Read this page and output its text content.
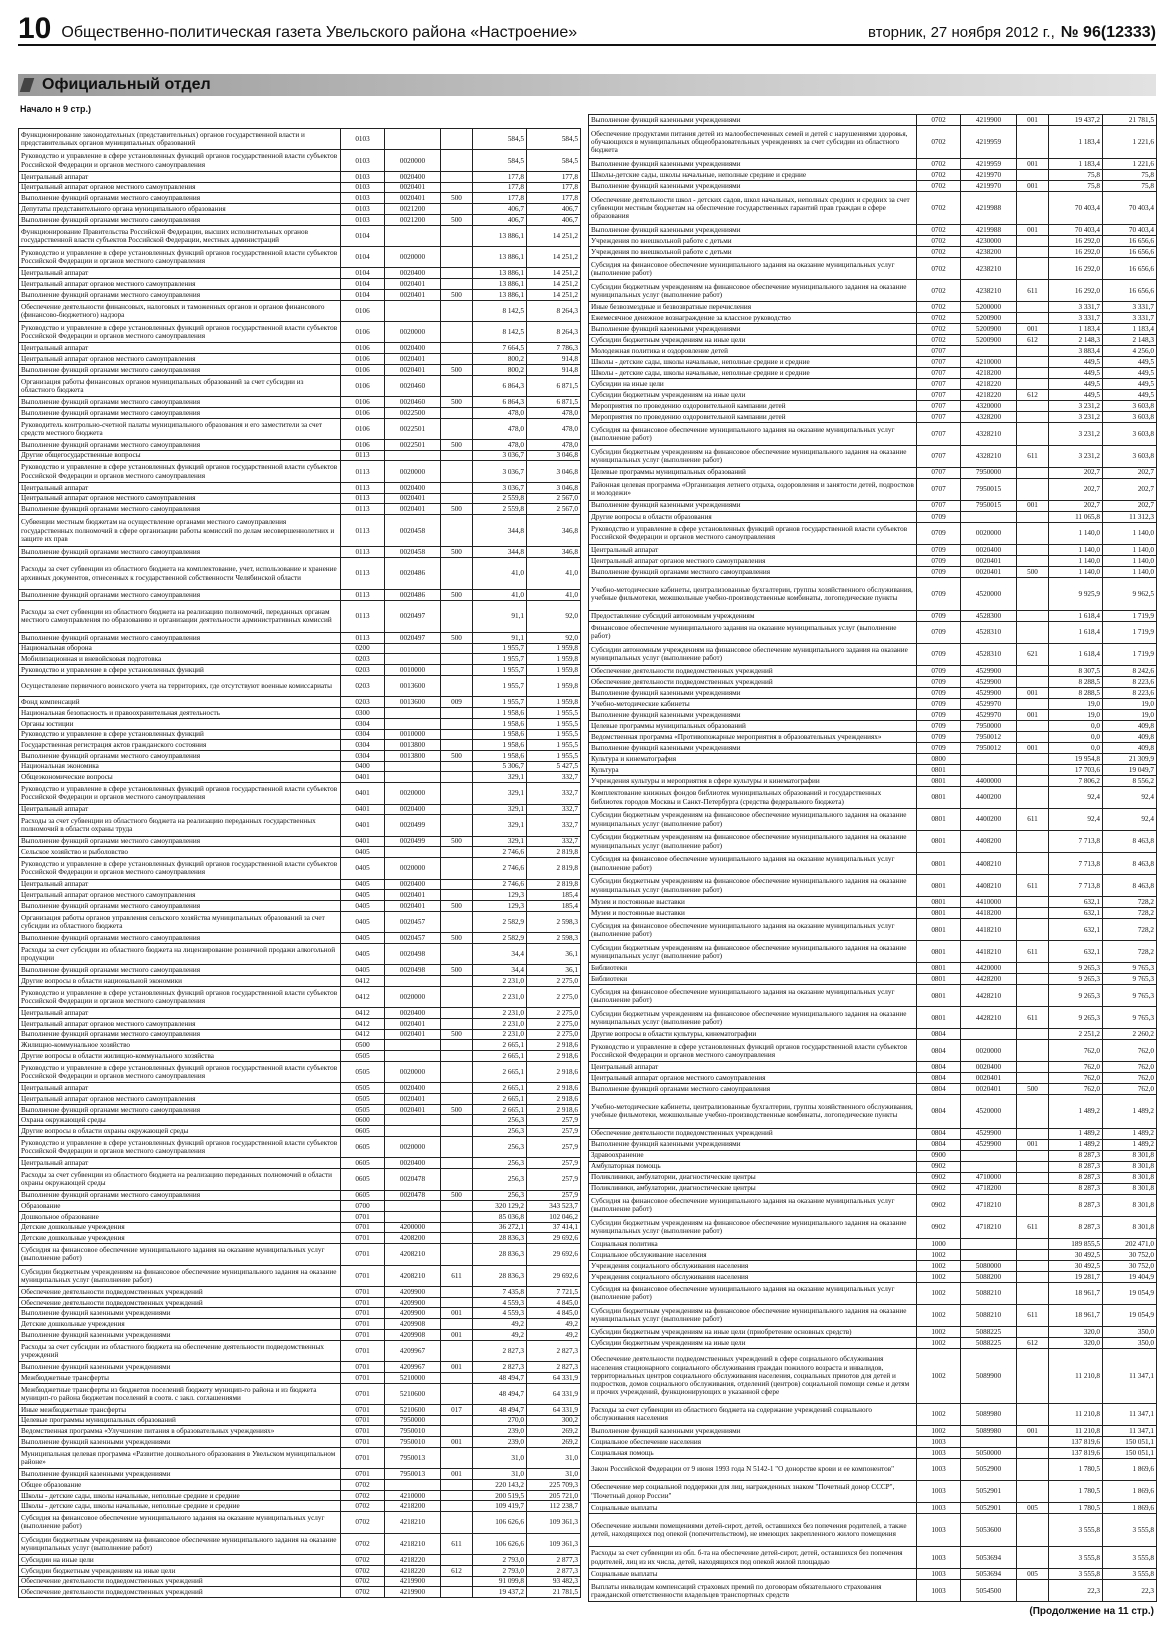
10 Общественно-политическая газета Увельского района «Настроение»	вторник, 27 ноября 2012 г., № 96(12333)
Официальный отдел
Начало н 9 стр.)
Функционирование законодательных (представительных) органов государственной власти и представительных органов муниципальных образований	0103			584,5	584,5
Руководство и управление в сфере установленных функций органов государственной власти субъектов Российской Федерации и органов местного самоуправления	0103	0020000		584,5	584,5
Центральный аппарат	0103	0020400		177,8	177,8
Центральный аппарат органов местного самоуправления	0103	0020401		177,8	177,8
Выполнение функций органами местного самоуправления	0103	0020401	500	177,8	177,8
Депутаты представительного органа муниципального образования	0103	0021200		406,7	406,7
Выполнение функций органами местного самоуправления	0103	0021200	500	406,7	406,7
Функционирование Правительства Российской Федерации, высших исполнительных органов государственной власти субъектов Российской Федерации, местных администраций	0104			13 886,1	14 251,2
Руководство и управление в сфере установленных функций органов государственной власти субъектов Российской Федерации и органов местного самоуправления	0104	0020000		13 886,1	14 251,2
Центральный аппарат	0104	0020400		13 886,1	14 251,2
Центральный аппарат органов местного самоуправления	0104	0020401		13 886,1	14 251,2
Выполнение функций органами местного самоуправления	0104	0020401	500	13 886,1	14 251,2
Обеспечение деятельности финансовых, налоговых и таможенных органов и органов финансового (финансово-бюджетного) надзора	0106			8 142,5	8 264,3
Руководство и управление в сфере установленных функций органов государственной власти субъектов Российской Федерации и органов местного самоуправления	0106	0020000		8 142,5	8 264,3
Центральный аппарат	0106	0020400		7 664,5	7 786,3
Центральный аппарат органов местного самоуправления	0106	0020401		800,2	914,8
Выполнение функций органами местного самоуправления	0106	0020401	500	800,2	914,8
Организация работы финансовых органов муниципальных образований за счет субсидии из областного бюджета	0106	0020460		6 864,3	6 871,5
Выполнение функций органами местного самоуправления	0106	0020460	500	6 864,3	6 871,5
Выполнение функций органами местного самоуправления	0106	0022500		478,0	478,0
Руководитель контрольно-счетной палаты муниципального образования и его заместители за счет средств местного бюджета	0106	0022501		478,0	478,0
Выполнение функций органами местного самоуправления	0106	0022501	500	478,0	478,0
Другие общегосударственные вопросы	0113			3 036,7	3 046,8
Руководство и управление в сфере установленных функций органов государственной власти субъектов Российской Федерации и органов местного самоуправления	0113	0020000		3 036,7	3 046,8
Центральный аппарат	0113	0020400		3 036,7	3 046,8
Центральный аппарат органов местного самоуправления	0113	0020401		2 559,8	2 567,0
Выполнение функций органами местного самоуправления	0113	0020401	500	2 559,8	2 567,0
Субвенции местным бюджетам на осуществление органами местного самоуправления государственных полномочий в сфере организации работы комиссий по делам несовершеннолетних и защите их прав	0113	0020458		344,8	346,8
Выполнение функций органами местного самоуправления	0113	0020458	500	344,8	346,8
Расходы за счет субвенции из областного бюджета на комплектование, учет, использование и хранение архивных документов, отнесенных к государственной собственности Челябинской области	0113	0020486		41,0	41,0
Выполнение функций органами местного самоуправления	0113	0020486	500	41,0	41,0
Расходы за счет субвенции из областного бюджета на реализацию полномочий, переданных органам местного самоуправления по образованию и организации деятельности административных комиссий	0113	0020497		91,1	92,0
Выполнение функций органами местного самоуправления	0113	0020497	500	91,1	92,0
Национальная оборона	0200			1 955,7	1 959,8
Мобилизационная и вневойсковая подготовка	0203			1 955,7	1 959,8
Руководство и управление в сфере установленных функций	0203	0010000		1 955,7	1 959,8
Осуществление первичного воинского учета на территориях, где отсутствуют военные комиссариаты	0203	0013600		1 955,7	1 959,8
Фонд компенсаций	0203	0013600	009	1 955,7	1 959,8
Национальная безопасность и правоохранительная деятельность	0300			1 958,6	1 955,5
Органы юстиции	0304			1 958,6	1 955,5
Руководство и управление в сфере установленных функций	0304	0010000		1 958,6	1 955,5
Государственная регистрация актов гражданского состояния	0304	0013800		1 958,6	1 955,5
Выполнение функций органами местного самоуправления	0304	0013800	500	1 958,6	1 955,5
Национальная экономика	0400			5 306,7	5 427,5
Общеэкономические вопросы	0401			329,1	332,7
Руководство и управление в сфере установленных функций органов государственной власти субъектов Российской Федерации и органов местного самоуправления	0401	0020000		329,1	332,7
Центральный аппарат	0401	0020400		329,1	332,7
Расходы за счет субвенции из областного бюджета на реализацию переданных государственных полномочий в области охраны труда	0401	0020499		329,1	332,7
Выполнение функций органами местного самоуправления	0401	0020499	500	329,1	332,7
Сельское хозяйство и рыболовство	0405			2 746,6	2 819,8
Руководство и управление в сфере установленных функций органов государственной власти субъектов Российской Федерации и органов местного самоуправления	0405	0020000		2 746,6	2 819,8
Центральный аппарат	0405	0020400		2 746,6	2 819,8
Центральный аппарат органов местного самоуправления	0405	0020401		129,3	185,4
Выполнение функций органами местного самоуправления	0405	0020401	500	129,3	185,4
Организация работы органов управления сельского хозяйства муниципальных образований за счет субсидии из областного бюджета	0405	0020457		2 582,9	2 598,3
Выполнение функций органами местного самоуправления	0405	0020457	500	2 582,9	2 598,3
Расходы за счет субсидии из областного бюджета на лицензирование розничной продажи алкогольной продукции	0405	0020498		34,4	36,1
Выполнение функций органами местного самоуправления	0405	0020498	500	34,4	36,1
Другие вопросы в области национальной экономики	0412			2 231,0	2 275,0
Руководство и управление в сфере установленных функций органов государственной власти субъектов Российской Федерации и органов местного самоуправления	0412	0020000		2 231,0	2 275,0
Центральный аппарат	0412	0020400		2 231,0	2 275,0
Центральный аппарат органов местного самоуправления	0412	0020401		2 231,0	2 275,0
Выполнение функций органами местного самоуправления	0412	0020401	500	2 231,0	2 275,0
Жилищно-коммунальное хозяйство	0500			2 665,1	2 918,6
Другие вопросы в области жилищно-коммунального хозяйства	0505			2 665,1	2 918,6
Руководство и управление в сфере установленных функций органов государственной власти субъектов Российской Федерации и органов местного самоуправления	0505	0020000		2 665,1	2 918,6
Центральный аппарат	0505	0020400		2 665,1	2 918,6
Центральный аппарат органов местного самоуправления	0505	0020401		2 665,1	2 918,6
Выполнение функций органами местного самоуправления	0505	0020401	500	2 665,1	2 918,6
Охрана окружающей среды	0600			256,3	257,9
Другие вопросы в области охраны окружающей среды	0605			256,3	257,9
Руководство и управление в сфере установленных функций органов государственной власти субъектов Российской Федерации и органов местного самоуправления	0605	0020000		256,3	257,9
Центральный аппарат	0605	0020400		256,3	257,9
Расходы за счет субвенции из областного бюджета на реализацию переданных полномочий в области охраны окружающей среды	0605	0020478		256,3	257,9
Выполнение функций органами местного самоуправления	0605	0020478	500	256,3	257,9
Образование	0700			320 129,2	343 523,7
Дошкольное образование	0701			85 036,8	102 046,2
Детские дошкольные учреждения	0701	4200000		36 272,1	37 414,1
Детские дошкольные учреждения	0701	4208200		28 836,3	29 692,6
Субсидия на финансовое обеспечение муниципального задания на оказание муниципальных услуг (выполнение работ)	0701	4208210		28 836,3	29 692,6
Субсидии бюджетным учреждениям на финансовое обеспечение муниципального задания на оказание муниципальных услуг (выполнение работ)	0701	4208210	611	28 836,3	29 692,6
Обеспечение деятельности подведомственных учреждений	0701	4209900		7 435,8	7 721,5
Обеспечение деятельности подведомственных учреждений	0701	4209900		4 559,3	4 845,0
Выполнение функций казенными учреждениями	0701	4209900	001	4 559,3	4 845,0
Детские дошкольные учреждения	0701	4209908		49,2	49,2
Выполнение функций казенными учреждениями	0701	4209908	001	49,2	49,2
Расходы за счет субсидии из областного бюджета на обеспечение деятельности подведомственных учреждений	0701	4209967		2 827,3	2 827,3
Выполнение функций казенными учреждениями	0701	4209967	001	2 827,3	2 827,3
Межбюджетные трансферты	0701	5210000		48 494,7	64 331,9
Межбюджетные трансферты из бюджетов поселений бюджету муницип-го района и из бюджета муницип-го района бюджетам поселений в соотв. с закл. соглашениями	0701	5210600		48 494,7	64 331,9
Иные межбюджетные трансферты	0701	5210600	017	48 494,7	64 331,9
Целевые программы муниципальных образований	0701	7950000		270,0	300,2
Ведомственная программа «Улучшение питания в образовательных учреждениях»	0701	7950010		239,0	269,2
Выполнение функций казенными учреждениями	0701	7950010	001	239,0	269,2
Муниципальная целевая программа «Развитие дошкольного образования в Увельском муниципальном районе»	0701	7950013		31,0	31,0
Выполнение функций казенными учреждениями	0701	7950013	001	31,0	31,0
Общее образование	0702			220 143,2	225 709,3
Школы - детские сады, школы начальные, неполные средние и средние	0702	4210000		200 519,5	205 721,0
Школы - детские сады, школы начальные, неполные средние и средние	0702	4218200		109 419,7	112 238,7
Субсидия на финансовое обеспечение муниципального задания на оказание муниципальных услуг (выполнение работ)	0702	4218210		106 626,6	109 361,3
Субсидии бюджетным учреждениям на финансовое обеспечение муниципального задания на оказание муниципальных услуг (выполнение работ)	0702	4218210	611	106 626,6	109 361,3
Субсидии на иные цели	0702	4218220		2 793,0	2 877,3
Субсидии бюджетным учреждениям на иные цели	0702	4218220	612	2 793,0	2 877,3
Обеспечение деятельности подведомственных учреждений	0702	4219900		91 099,8	93 482,3
Обеспечение деятельности подведомственных учреждений	0702	4219900		19 437,2	21 781,5
Выполнение функций казенными учреждениями	0702	4219900	001	19 437,2	21 781,5
Обеспечение продуктами питания детей из малообеспеченных семей и детей с нарушениями здоровья, обучающихся в муниципальных общеобразовательных учреждениях за счет субсидии из областного бюджета	0702	4219959		1 183,4	1 221,6
Выполнение функций казенными учреждениями	0702	4219959	001	1 183,4	1 221,6
Школы-детские сады, школы начальные, неполные средние и средние	0702	4219970		75,8	75,8
Выполнение функций казенными учреждениями	0702	4219970	001	75,8	75,8
Обеспечение деятельности школ - детских садов, школ начальных, неполных средних и средних за счет субвенции местным бюджетам на обеспечение государственных гарантий прав граждан в сфере образования	0702	4219988		70 403,4	70 403,4
Выполнение функций казенными учреждениями	0702	4219988	001	70 403,4	70 403,4
Учреждения по внешкольной работе с детьми	0702	4230000		16 292,0	16 656,6
Учреждения по внешкольной работе с детьми	0702	4238200		16 292,0	16 656,6
Субсидия на финансовое обеспечение муниципального задания на оказание муниципальных услуг (выполнение работ)	0702	4238210		16 292,0	16 656,6
Субсидии бюджетным учреждениям на финансовое обеспечение муниципального задания на оказание муниципальных услуг (выполнение работ)	0702	4238210	611	16 292,0	16 656,6
Иные безвозмездные и безвозвратные перечисления	0702	5200000		3 331,7	3 331,7
Ежемесячное денежное вознаграждение за классное руководство	0702	5200900		3 331,7	3 331,7
Выполнение функций казенными учреждениями	0702	5200900	001	1 183,4	1 183,4
Субсидии бюджетным учреждениям на иные цели	0702	5200900	612	2 148,3	2 148,3
Молодежная политика и оздоровление детей	0707			3 883,4	4 256,0
Школы - детские сады, школы начальные, неполные средние и средние	0707	4210000		449,5	449,5
Школы - детские сады, школы начальные, неполные средние и средние	0707	4218200		449,5	449,5
Субсидии на иные цели	0707	4218220		449,5	449,5
Субсидии бюджетным учреждениям на иные цели	0707	4218220	612	449,5	449,5
Мероприятия по проведению оздоровительной кампании детей	0707	4320000		3 231,2	3 603,8
Мероприятия по проведению оздоровительной кампании детей	0707	4328200		3 231,2	3 603,8
Субсидия на финансовое обеспечение муниципального задания на оказание муниципальных услуг (выполнение работ)	0707	4328210		3 231,2	3 603,8
Субсидии бюджетным учреждениям на финансовое обеспечение муниципального задания на оказание муниципальных услуг (выполнение работ)	0707	4328210	611	3 231,2	3 603,8
Целевые программы муниципальных образований	0707	7950000		202,7	202,7
Районная целевая программа «Организация летнего отдыха, оздоровления и занятости детей, подростков и молодежи»	0707	7950015		202,7	202,7
Выполнение функций казенными учреждениями	0707	7950015	001	202,7	202,7
Другие вопросы в области образования	0709			11 065,8	11 312,3
Руководство и управление в сфере установленных функций органов государственной власти субъектов Российской Федерации и органов местного самоуправления	0709	0020000		1 140,0	1 140,0
Центральный аппарат	0709	0020400		1 140,0	1 140,0
Центральный аппарат органов местного самоуправления	0709	0020401		1 140,0	1 140,0
Выполнение функций органами местного самоуправления	0709	0020401	500	1 140,0	1 140,0
Учебно-методические кабинеты, централизованные бухгалтерии, группы хозяйственного обслуживания, учебные фильмотеки, межшкольные учебно-производственные комбинаты, логопедические пункты	0709	4520000		9 925,9	9 962,5
Предоставление субсидий автономным учреждениям	0709	4528300		1 618,4	1 719,9
Финансовое обеспечение муниципального задания на оказание муниципальных услуг (выполнение работ)	0709	4528310		1 618,4	1 719,9
Субсидии автономным учреждениям на финансовое обеспечение муниципального задания на оказание муниципальных услуг (выполнение работ)	0709	4528310	621	1 618,4	1 719,9
Обеспечение деятельности подведомственных учреждений	0709	4529900		8 307,5	8 242,6
Обеспечение деятельности подведомственных учреждений	0709	4529900		8 288,5	8 223,6
Выполнение функций казенными учреждениями	0709	4529900	001	8 288,5	8 223,6
Учебно-методические кабинеты	0709	4529970		19,0	19,0
Выполнение функций казенными учреждениями	0709	4529970	001	19,0	19,0
Целевые программы муниципальных образований	0709	7950000		0,0	409,8
Ведомственная программа «Противопожарные мероприятия в образовательных учреждениях»	0709	7950012		0,0	409,8
Выполнение функций казенными учреждениями	0709	7950012	001	0,0	409,8
Культура и кинематография	0800			19 954,8	21 309,9
Культура	0801			17 703,6	19 049,7
Учреждения культуры и мероприятия в сфере культуры и кинематографии	0801	4400000		7 806,2	8 556,2
Комплектование книжных фондов библиотек муниципальных образований и государственных библиотек городов Москвы и Санкт-Петербурга (средства федерального бюджета)	0801	4400200		92,4	92,4
Субсидии бюджетным учреждениям на финансовое обеспечение муниципального задания на оказание муниципальных услуг (выполнение работ)	0801	4400200	611	92,4	92,4
Субсидии бюджетным учреждениям на финансовое обеспечение муниципального задания на оказание муниципальных услуг (выполнение работ)	0801	4408200		7 713,8	8 463,8
Субсидия на финансовое обеспечение муниципального задания на оказание муниципальных услуг (выполнение работ)	0801	4408210		7 713,8	8 463,8
Субсидии бюджетным учреждениям на финансовое обеспечение муниципального задания на оказание муниципальных услуг (выполнение работ)	0801	4408210	611	7 713,8	8 463,8
Музеи и постоянные выставки	0801	4410000		632,1	728,2
Музеи и постоянные выставки	0801	4418200		632,1	728,2
Субсидия на финансовое обеспечение муниципального задания на оказание муниципальных услуг (выполнение работ)	0801	4418210		632,1	728,2
Субсидии бюджетным учреждениям на финансовое обеспечение муниципального задания на оказание муниципальных услуг (выполнение работ)	0801	4418210	611	632,1	728,2
Библиотеки	0801	4420000		9 265,3	9 765,3
Библиотеки	0801	4428200		9 265,3	9 765,3
Субсидия на финансовое обеспечение муниципального задания на оказание муниципальных услуг (выполнение работ)	0801	4428210		9 265,3	9 765,3
Субсидии бюджетным учреждениям на финансовое обеспечение муниципального задания на оказание муниципальных услуг (выполнение работ)	0801	4428210	611	9 265,3	9 765,3
Другие вопросы в области культуры, кинематографии	0804			2 251,2	2 260,2
Руководство и управление в сфере установленных функций органов государственной власти субъектов Российской Федерации и органов местного самоуправления	0804	0020000		762,0	762,0
Центральный аппарат	0804	0020400		762,0	762,0
Центральный аппарат органов местного самоуправления	0804	0020401		762,0	762,0
Выполнение функций органами местного самоуправления	0804	0020401	500	762,0	762,0
Учебно-методические кабинеты, централизованные бухгалтерии, группы хозяйственного обслуживания, учебные фильмотеки, межшкольные учебно-производственные комбинаты, логопедические пункты	0804	4520000		1 489,2	1 489,2
Обеспечение деятельности подведомственных учреждений	0804	4529900		1 489,2	1 489,2
Выполнение функций казенными учреждениями	0804	4529900	001	1 489,2	1 489,2
Здравоохранение	0900			8 287,3	8 301,8
Амбулаторная помощь	0902			8 287,3	8 301,8
Поликлиники, амбулатории, диагностические центры	0902	4710000		8 287,3	8 301,8
Поликлиники, амбулатории, диагностические центры	0902	4718200		8 287,3	8 301,8
Субсидия на финансовое обеспечение муниципального задания на оказание муниципальных услуг (выполнение работ)	0902	4718210		8 287,3	8 301,8
Субсидии бюджетным учреждениям на финансовое обеспечение муниципального задания на оказание муниципальных услуг (выполнение работ)	0902	4718210	611	8 287,3	8 301,8
Социальная политика	1000			189 855,5	202 471,0
Социальное обслуживание населения	1002			30 492,5	30 752,0
Учреждения социального обслуживания населения	1002	5080000		30 492,5	30 752,0
Учреждения социального обслуживания населения	1002	5088200		19 281,7	19 404,9
Субсидия на финансовое обеспечение муниципального задания на оказание муниципальных услуг (выполнение работ)	1002	5088210		18 961,7	19 054,9
Субсидии бюджетным учреждениям на финансовое обеспечение муниципального задания на оказание муниципальных услуг (выполнение работ)	1002	5088210	611	18 961,7	19 054,9
Субсидии бюджетным учреждениям на иные цели (приобретение основных средств)	1002	5088225		320,0	350,0
Субсидии бюджетным учреждениям на иные цели	1002	5088225	612	320,0	350,0
Обеспечение деятельности подведомственных учреждений в сфере социального обслуживания населения стационарного социального обслуживания граждан пожилого возраста и инвалидов, территориальных центров социального обслуживания населения, социальных приютов для детей и подростков, домов социального обслуживания, отделений (центров) социальной помощи семье и детям и прочих учреждений, функционирующих в указанной сфере	1002	5089900		11 210,8	11 347,1
Расходы за счет субвенции из областного бюджета на содержание учреждений социального обслуживания населения	1002	5089980		11 210,8	11 347,1
Выполнение функций казенными учреждениями	1002	5089980	001	11 210,8	11 347,1
Социальное обеспечение населения	1003			137 819,6	150 051,1
Социальная помощь	1003	5050000		137 819,6	150 051,1
Закон Российской Федерации от 9 июня 1993 года N 5142-1 "О донорстве крови и ее компонентов"	1003	5052900		1 780,5	1 869,6
Обеспечение мер социальной поддержки для лиц, награжденных знаком "Почетный донор СССР", "Почетный донор России"	1003	5052901		1 780,5	1 869,6
Социальные выплаты	1003	5052901	005	1 780,5	1 869,6
Обеспечение жилыми помещениями детей-сирот, детей, оставшихся без попечения родителей, а также детей, находящихся под опекой (попечительством), не имеющих закрепленного жилого помещения	1003	5053600		3 555,8	3 555,8
Расходы за счет субвенции из обл. б-та на обеспечение детей-сирот, детей, оставшихся без попечения родителей, лиц из их числа, детей, находящихся под опекой жилой площадью	1003	5053694		3 555,8	3 555,8
Социальные выплаты	1003	5053694	005	3 555,8	3 555,8
Выплаты инвалидам компенсаций страховых премий по договорам обязательного страхования гражданской ответственности владельцев транспортных средств	1003	5054500		22,3	22,3
(Продолжение на 11 стр.)
